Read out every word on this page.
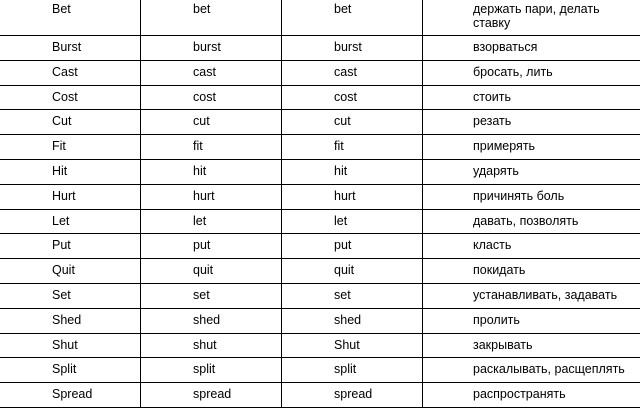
Bet	bet	bet	держать пари, делать ставку

Burst	burst	burst	взорваться

Cast	cast	cast	бросать, лить

Cost	cost	cost	стоить

Cut	cut	cut	резать

Fit	fit	fit	примерять

Hit	hit	hit	ударять

Hurt	hurt	hurt	причинять боль

Let	let	let	давать, позволять

Put	put	put	класть

Quit	quit	quit	покидать

Set	set	set	устанавливать, задавать

Shed	shed	shed	пролить

Shut	shut	Shut	закрывать

Split	split	split	раскалывать, расщеплять

Spread	spread	spread	распространять
